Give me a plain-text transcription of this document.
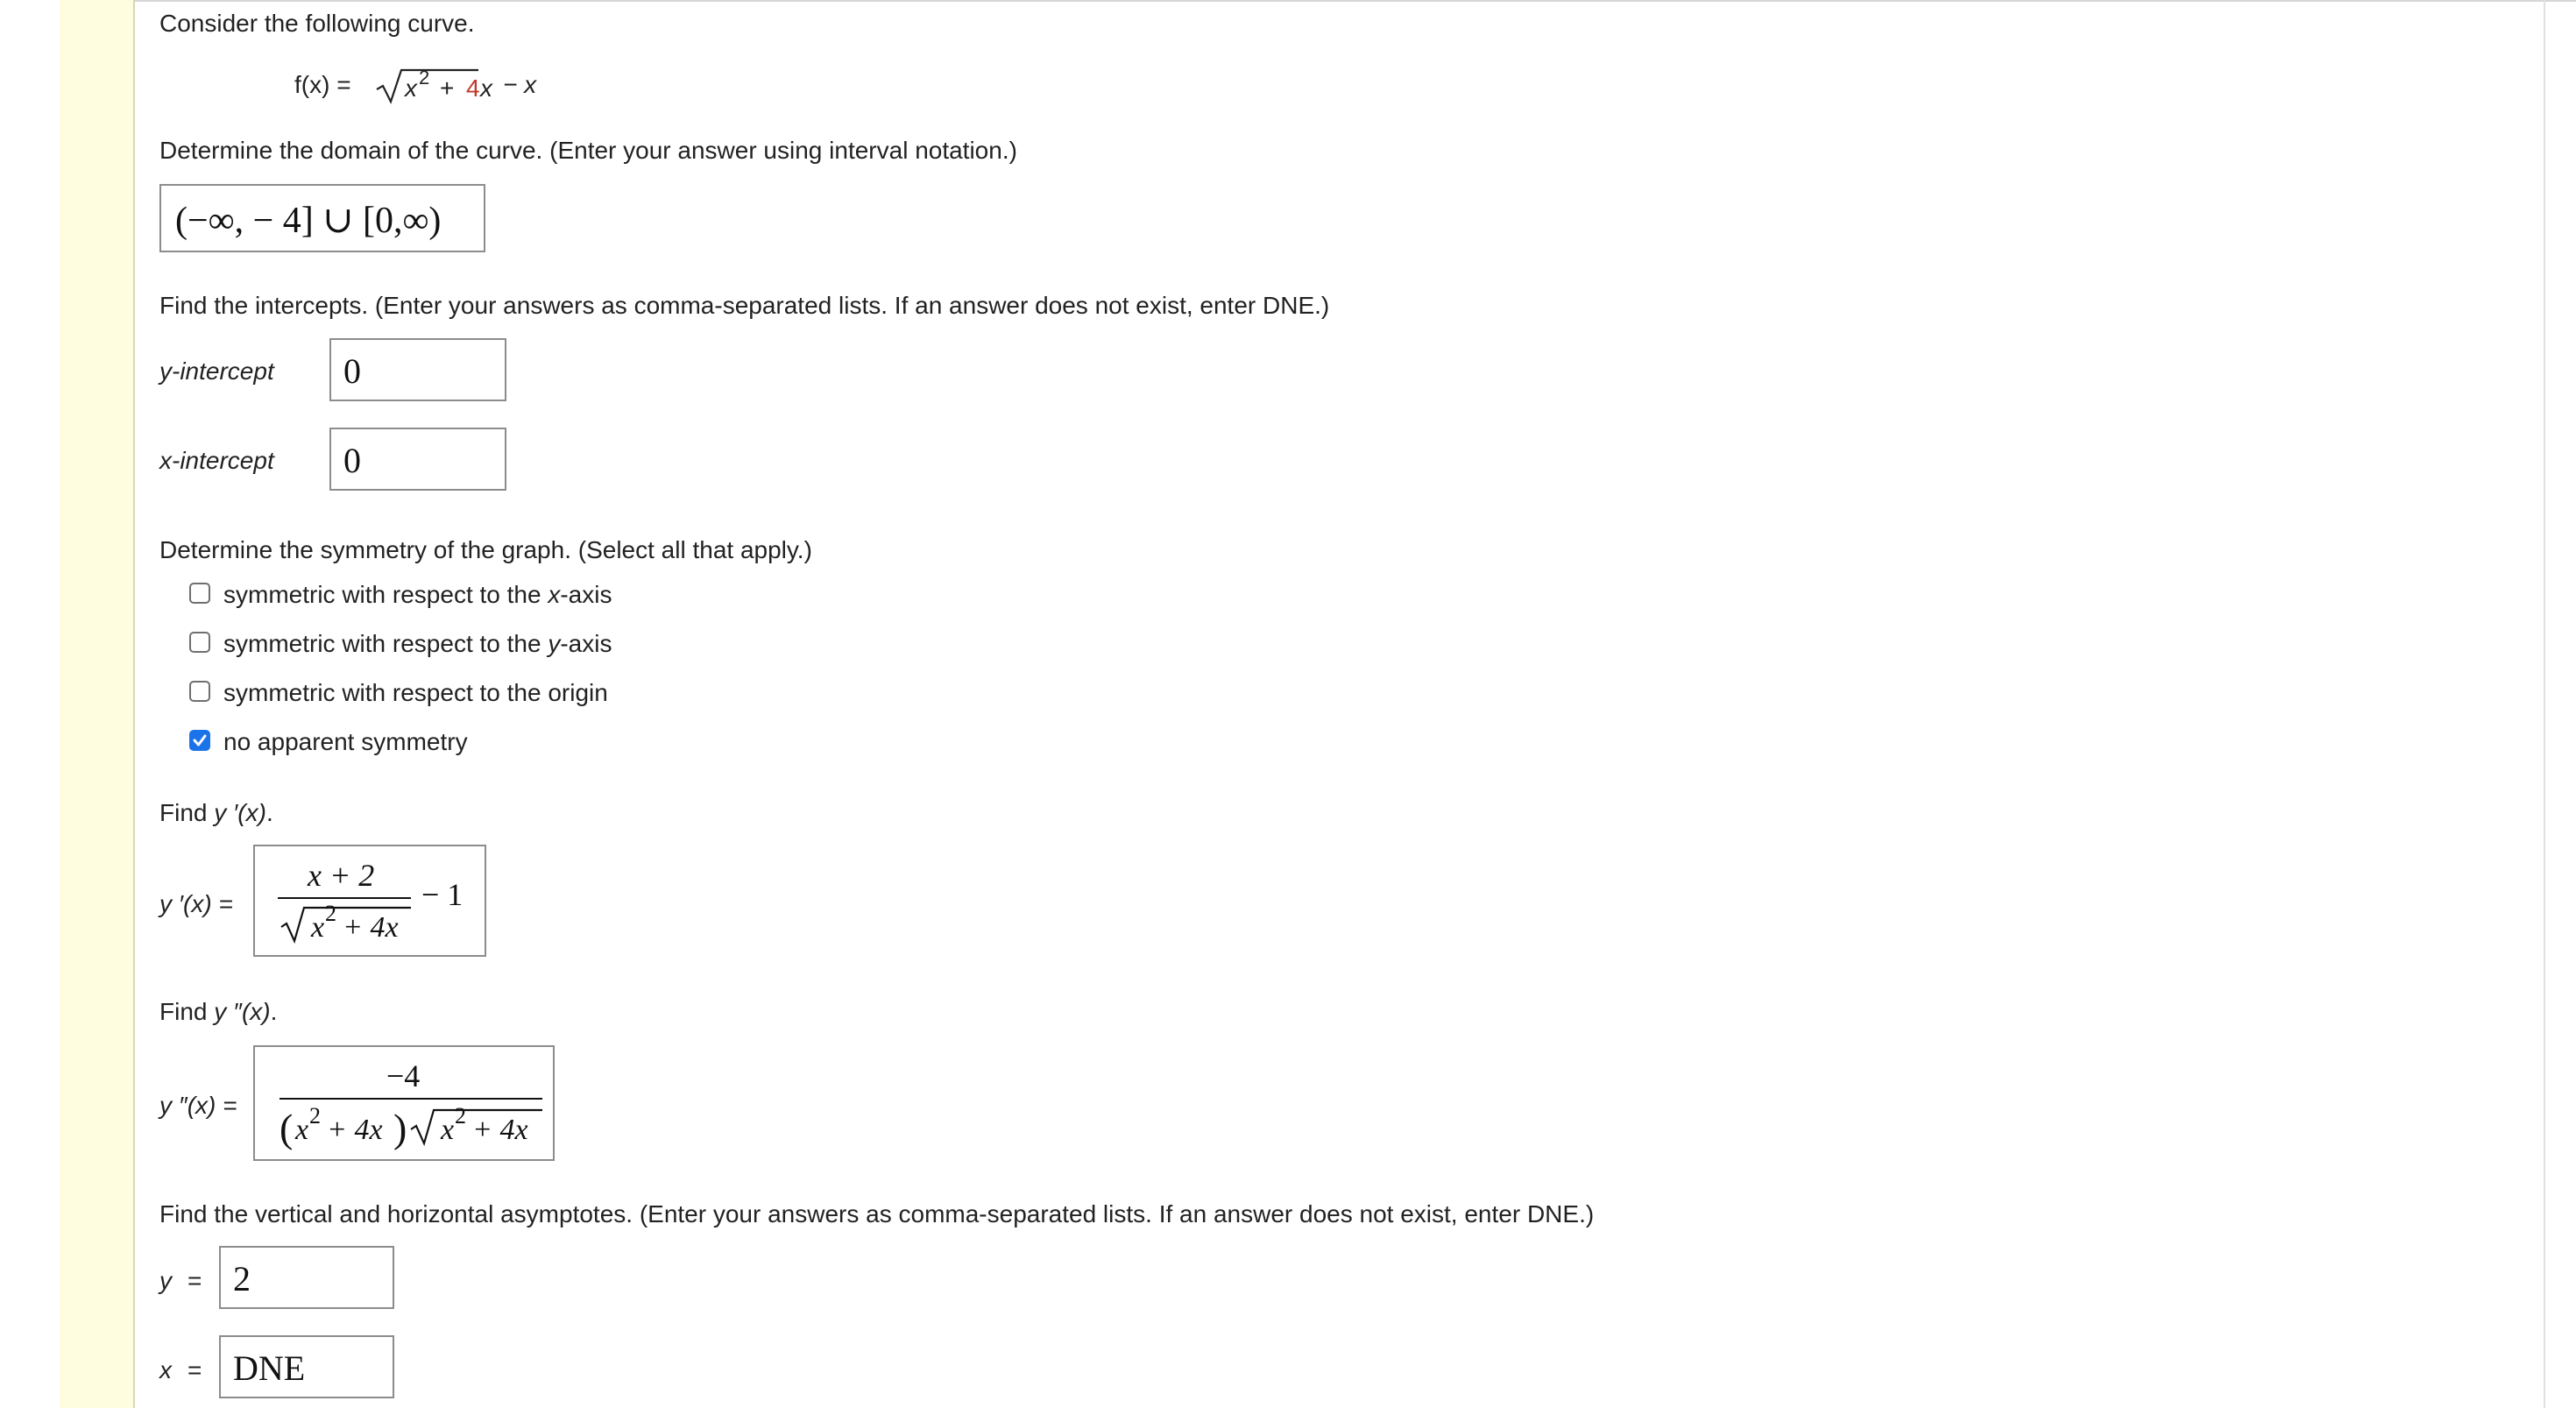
Consider the following curve.
f(x) = x 2 + 4 x − x
Determine the domain of the curve. (Enter your answer using interval notation.)
(−∞, − 4] ∪ [0,∞)
Find the intercepts. (Enter your answers as comma-separated lists. If an answer does not exist, enter DNE.)
y-intercept 0
x-intercept 0
Determine the symmetry of the graph. (Select all that apply.)
symmetric with respect to the x-axis
symmetric with respect to the y-axis
symmetric with respect to the origin
no apparent symmetry
Find y ′(x).
y ′(x) =
x + 2
x 2 + 4x
− 1
Find y ″(x).
y ″(x) =
−4
( x 2 + 4x ) x 2 + 4x
Find the vertical and horizontal asymptotes. (Enter your answers as comma-separated lists. If an answer does not exist, enter DNE.)
y = 2
x = DNE
